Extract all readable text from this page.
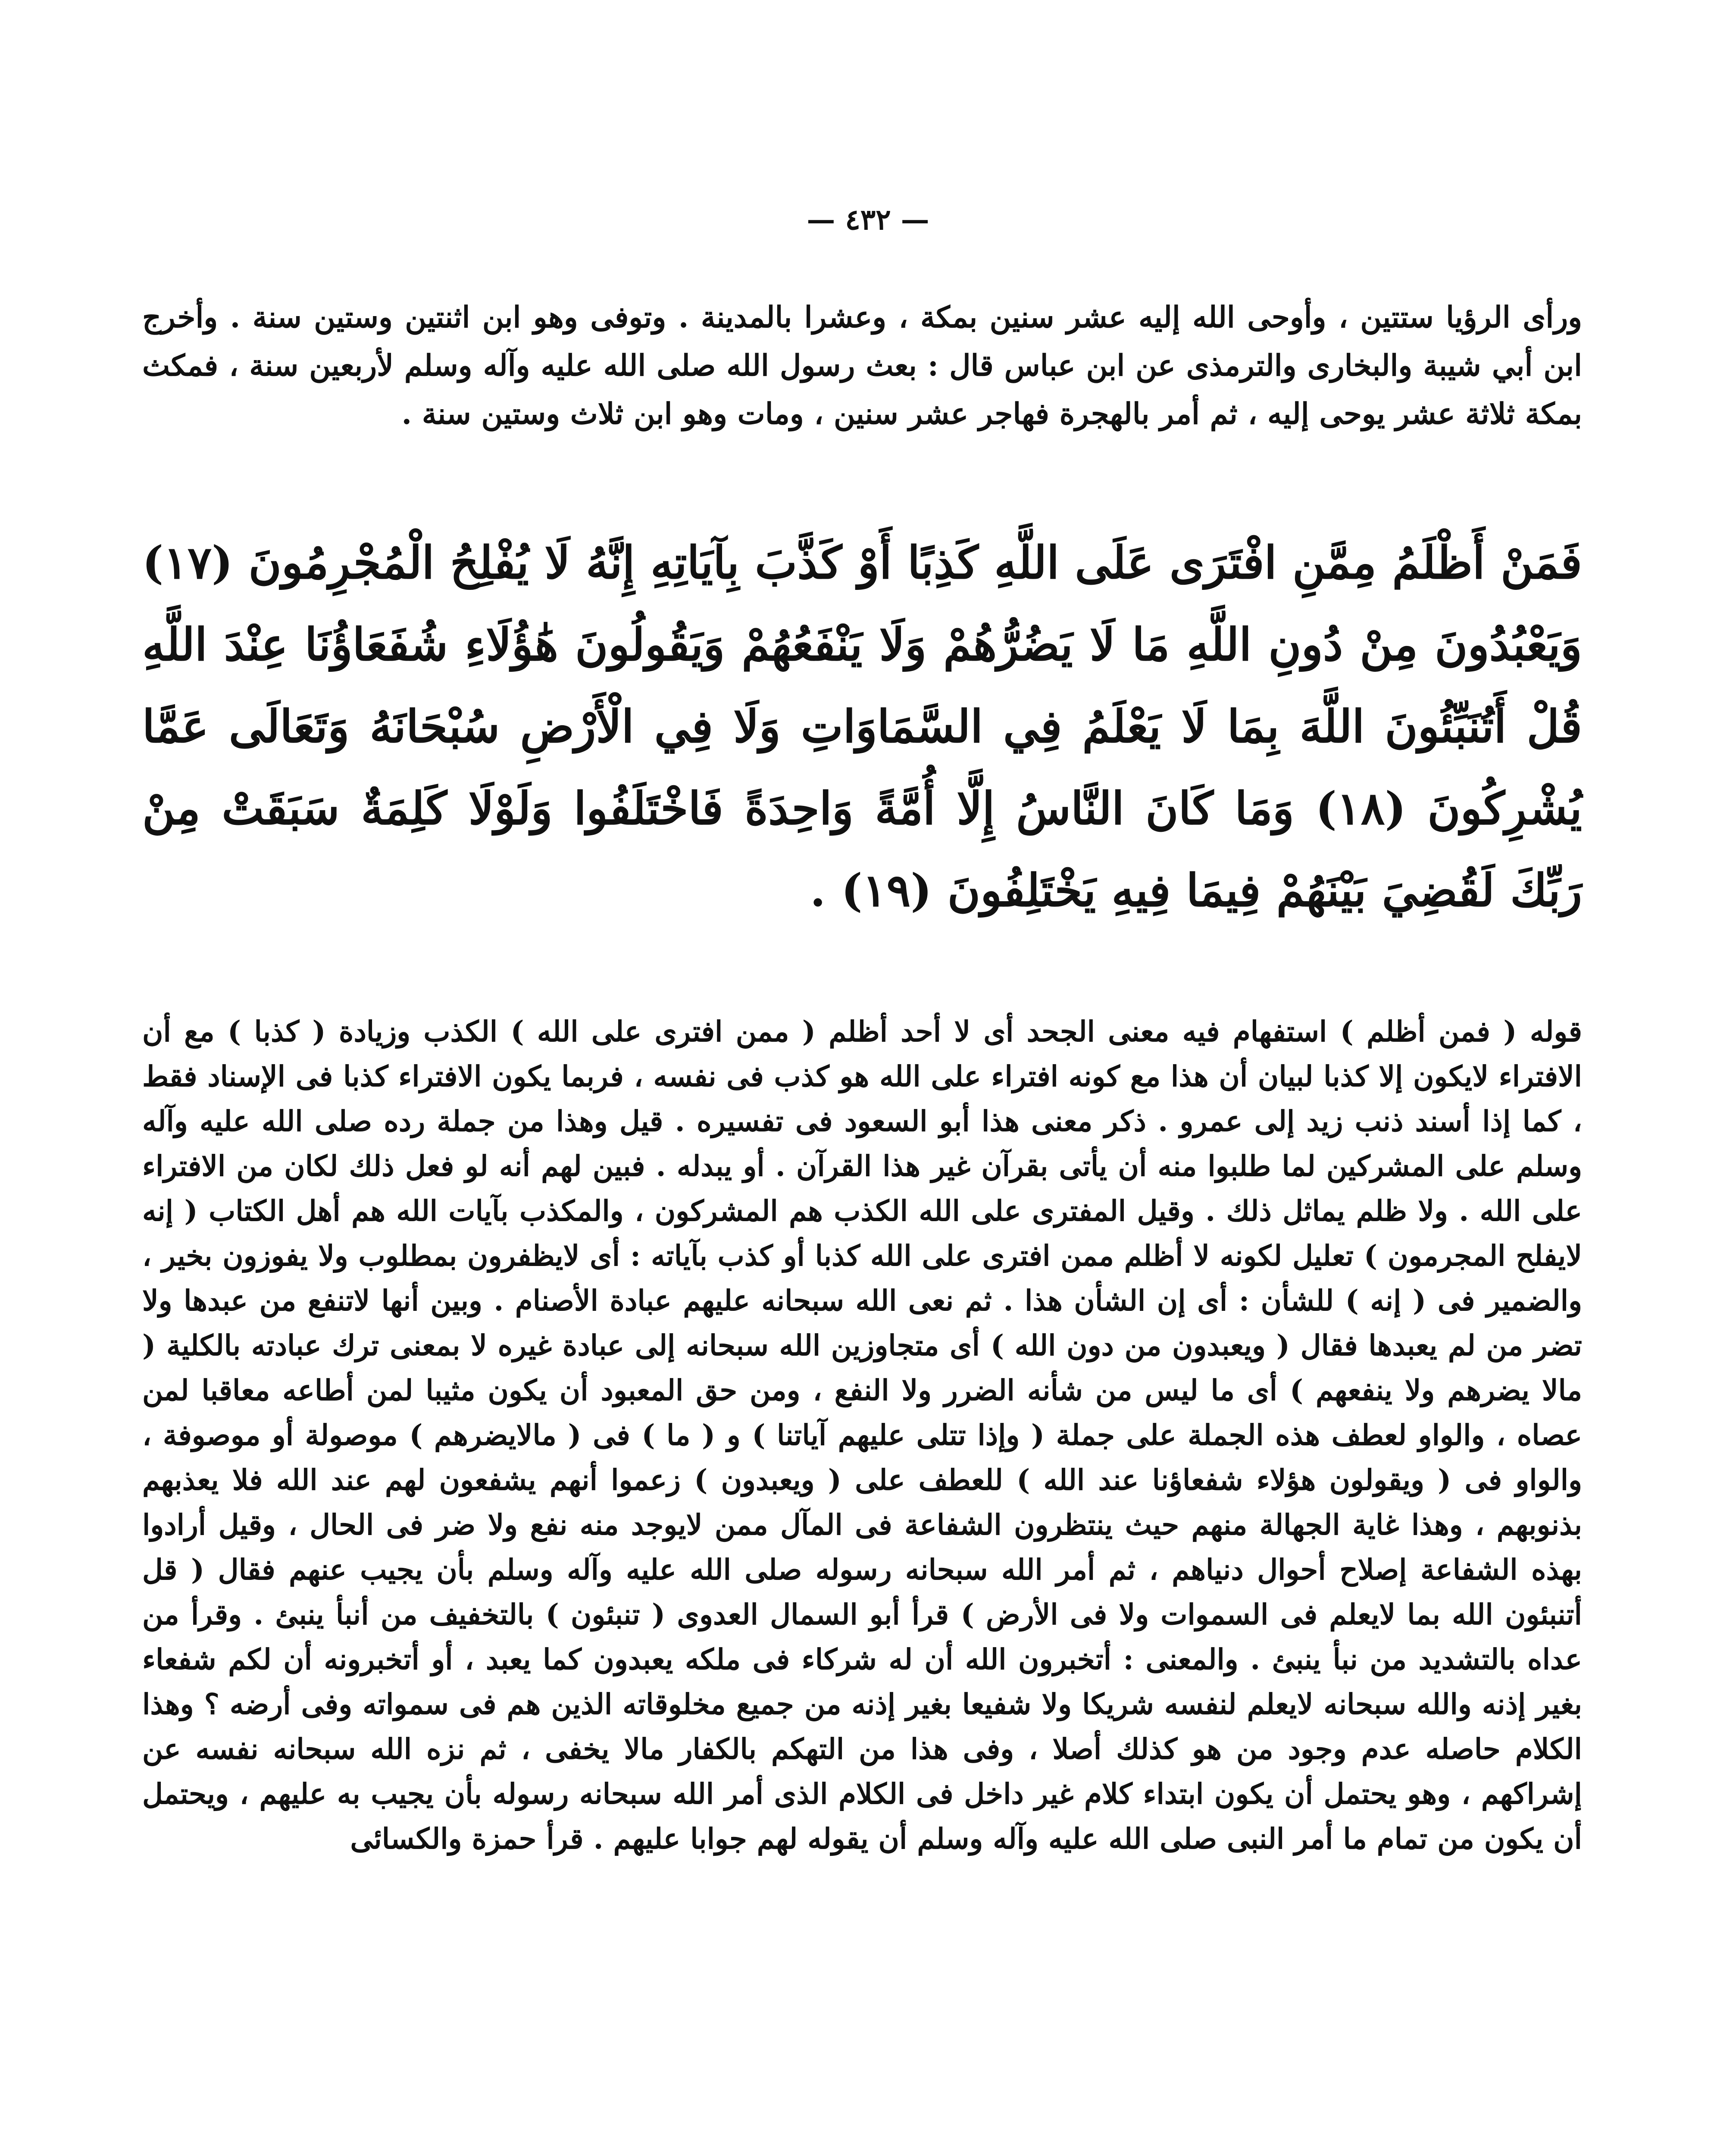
— ٤٣٢ —

ورأى الرؤيا ستتين ، وأوحى الله إليه عشر سنين بمكة ، وعشرا بالمدينة . وتوفى وهو ابن اثنتين وستين سنة . وأخرج ابن أبي شيبة والبخارى والترمذى عن ابن عباس قال : بعث رسول الله صلى الله عليه وآله وسلم لأربعين سنة ، فمكث بمكة ثلاثة عشر يوحى إليه ، ثم أمر بالهجرة فهاجر عشر سنين ، ومات وهو ابن ثلاث وستين سنة .

فَمَنْ أَظْلَمُ مِمَّنِ افْتَرَى عَلَى اللَّهِ كَذِبًا أَوْ كَذَّبَ بِآيَاتِهِ إِنَّهُ لَا يُفْلِحُ الْمُجْرِمُونَ (١٧) وَيَعْبُدُونَ مِنْ دُونِ اللَّهِ مَا لَا يَضُرُّهُمْ وَلَا يَنْفَعُهُمْ وَيَقُولُونَ هَٰؤُلَاءِ شُفَعَاؤُنَا عِنْدَ اللَّهِ قُلْ أَتُنَبِّئُونَ اللَّهَ بِمَا لَا يَعْلَمُ فِي السَّمَاوَاتِ وَلَا فِي الْأَرْضِ سُبْحَانَهُ وَتَعَالَى عَمَّا يُشْرِكُونَ (١٨) وَمَا كَانَ النَّاسُ إِلَّا أُمَّةً وَاحِدَةً فَاخْتَلَفُوا وَلَوْلَا كَلِمَةٌ سَبَقَتْ مِنْ رَبِّكَ لَقُضِيَ بَيْنَهُمْ فِيمَا فِيهِ يَخْتَلِفُونَ (١٩) .

قوله ( فمن أظلم ) استفهام فيه معنى الجحد أى لا أحد أظلم ( ممن افترى على الله ) الكذب وزيادة ( كذبا ) مع أن الافتراء لايكون إلا كذبا لبيان أن هذا مع كونه افتراء على الله هو كذب فى نفسه ، فربما يكون الافتراء كذبا فى الإسناد فقط ، كما إذا أسند ذنب زيد إلى عمرو . ذكر معنى هذا أبو السعود فى تفسيره . قيل وهذا من جملة رده صلى الله عليه وآله وسلم على المشركين لما طلبوا منه أن يأتى بقرآن غير هذا القرآن . أو يبدله . فبين لهم أنه لو فعل ذلك لكان من الافتراء على الله . ولا ظلم يماثل ذلك . وقيل المفترى على الله الكذب هم المشركون ، والمكذب بآيات الله هم أهل الكتاب ( إنه لايفلح المجرمون ) تعليل لكونه لا أظلم ممن افترى على الله كذبا أو كذب بآياته : أى لايظفرون بمطلوب ولا يفوزون بخير ، والضمير فى ( إنه ) للشأن : أى إن الشأن هذا . ثم نعى الله سبحانه عليهم عبادة الأصنام . وبين أنها لاتنفع من عبدها ولا تضر من لم يعبدها فقال ( ويعبدون من دون الله ) أى متجاوزين الله سبحانه إلى عبادة غيره لا بمعنى ترك عبادته بالكلية ( مالا يضرهم ولا ينفعهم ) أى ما ليس من شأنه الضرر ولا النفع ، ومن حق المعبود أن يكون مثيبا لمن أطاعه معاقبا لمن عصاه ، والواو لعطف هذه الجملة على جملة ( وإذا تتلى عليهم آياتنا ) و ( ما ) فى ( مالايضرهم ) موصولة أو موصوفة ، والواو فى ( ويقولون هؤلاء شفعاؤنا عند الله ) للعطف على ( ويعبدون ) زعموا أنهم يشفعون لهم عند الله فلا يعذبهم بذنوبهم ، وهذا غاية الجهالة منهم حيث ينتظرون الشفاعة فى المآل ممن لايوجد منه نفع ولا ضر فى الحال ، وقيل أرادوا بهذه الشفاعة إصلاح أحوال دنياهم ، ثم أمر الله سبحانه رسوله صلى الله عليه وآله وسلم بأن يجيب عنهم فقال ( قل أتنبئون الله بما لايعلم فى السموات ولا فى الأرض ) قرأ أبو السمال العدوى ( تنبئون ) بالتخفيف من أنبأ ينبئ . وقرأ من عداه بالتشديد من نبأ ينبئ . والمعنى : أتخبرون الله أن له شركاء فى ملكه يعبدون كما يعبد ، أو أتخبرونه أن لكم شفعاء بغير إذنه والله سبحانه لايعلم لنفسه شريكا ولا شفيعا بغير إذنه من جميع مخلوقاته الذين هم فى سمواته وفى أرضه ؟ وهذا الكلام حاصله عدم وجود من هو كذلك أصلا ، وفى هذا من التهكم بالكفار مالا يخفى ، ثم نزه الله سبحانه نفسه عن إشراكهم ، وهو يحتمل أن يكون ابتداء كلام غير داخل فى الكلام الذى أمر الله سبحانه رسوله بأن يجيب به عليهم ، ويحتمل أن يكون من تمام ما أمر النبى صلى الله عليه وآله وسلم أن يقوله لهم جوابا عليهم . قرأ حمزة والكسائى
